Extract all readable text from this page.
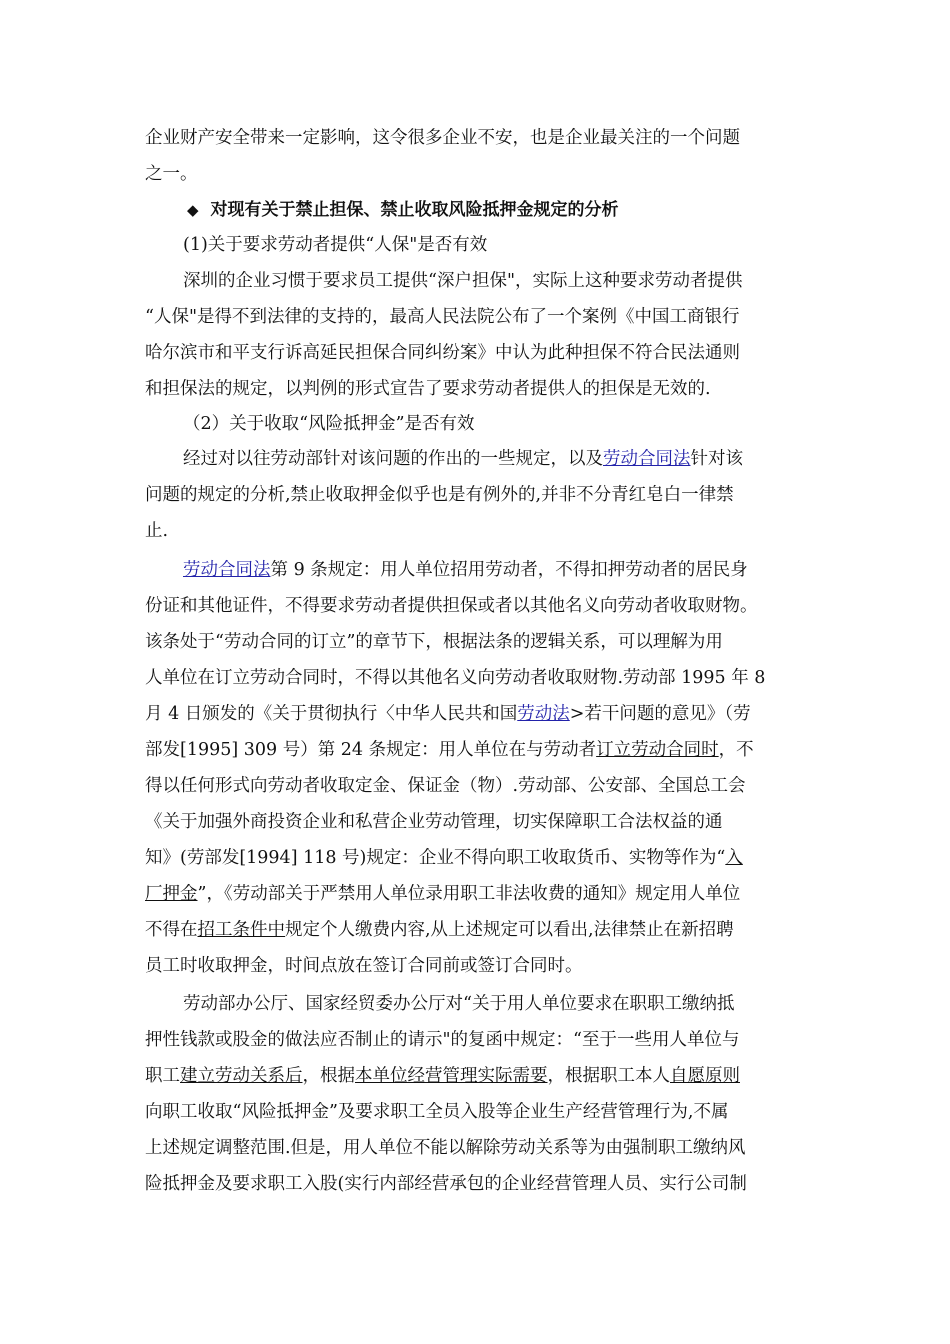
企业财产安全带来一定影响，这令很多企业不安，也是企业最关注的一个问题
之一。
◆ 对现有关于禁止担保、禁止收取风险抵押金规定的分析
(1)关于要求劳动者提供“人保"是否有效
深圳的企业习惯于要求员工提供“深户担保"，实际上这种要求劳动者提供
“人保"是得不到法律的支持的，最高人民法院公布了一个案例《中国工商银行
哈尔滨市和平支行诉高延民担保合同纠纷案》中认为此种担保不符合民法通则
和担保法的规定，以判例的形式宣告了要求劳动者提供人的担保是无效的.
（2）关于收取“风险抵押金”是否有效
经过对以往劳动部针对该问题的作出的一些规定，以及劳动合同法针对该
问题的规定的分析,禁止收取押金似乎也是有例外的,并非不分青红皂白一律禁
止.
劳动合同法第 9 条规定：用人单位招用劳动者，不得扣押劳动者的居民身
份证和其他证件，不得要求劳动者提供担保或者以其他名义向劳动者收取财物。
该条处于“劳动合同的订立”的章节下，根据法条的逻辑关系，可以理解为用
人单位在订立劳动合同时，不得以其他名义向劳动者收取财物.劳动部 1995 年 8
月 4 日颁发的《关于贯彻执行〈中华人民共和国劳动法>若干问题的意见》（劳
部发[1995] 309 号）第 24 条规定：用人单位在与劳动者订立劳动合同时，不
得以任何形式向劳动者收取定金、保证金（物）.劳动部、公安部、全国总工会
《关于加强外商投资企业和私营企业劳动管理，切实保障职工合法权益的通
知》(劳部发[1994] 118 号)规定：企业不得向职工收取货币、实物等作为“入
厂押金”，《劳动部关于严禁用人单位录用职工非法收费的通知》规定用人单位
不得在招工条件中规定个人缴费内容,从上述规定可以看出,法律禁止在新招聘
员工时收取押金，时间点放在签订合同前或签订合同时。
劳动部办公厅、国家经贸委办公厅对“关于用人单位要求在职职工缴纳抵
押性钱款或股金的做法应否制止的请示"的复函中规定：“至于一些用人单位与
职工建立劳动关系后，根据本单位经营管理实际需要，根据职工本人自愿原则
向职工收取“风险抵押金”及要求职工全员入股等企业生产经营管理行为,不属
上述规定调整范围.但是，用人单位不能以解除劳动关系等为由强制职工缴纳风
险抵押金及要求职工入股(实行内部经营承包的企业经营管理人员、实行公司制
